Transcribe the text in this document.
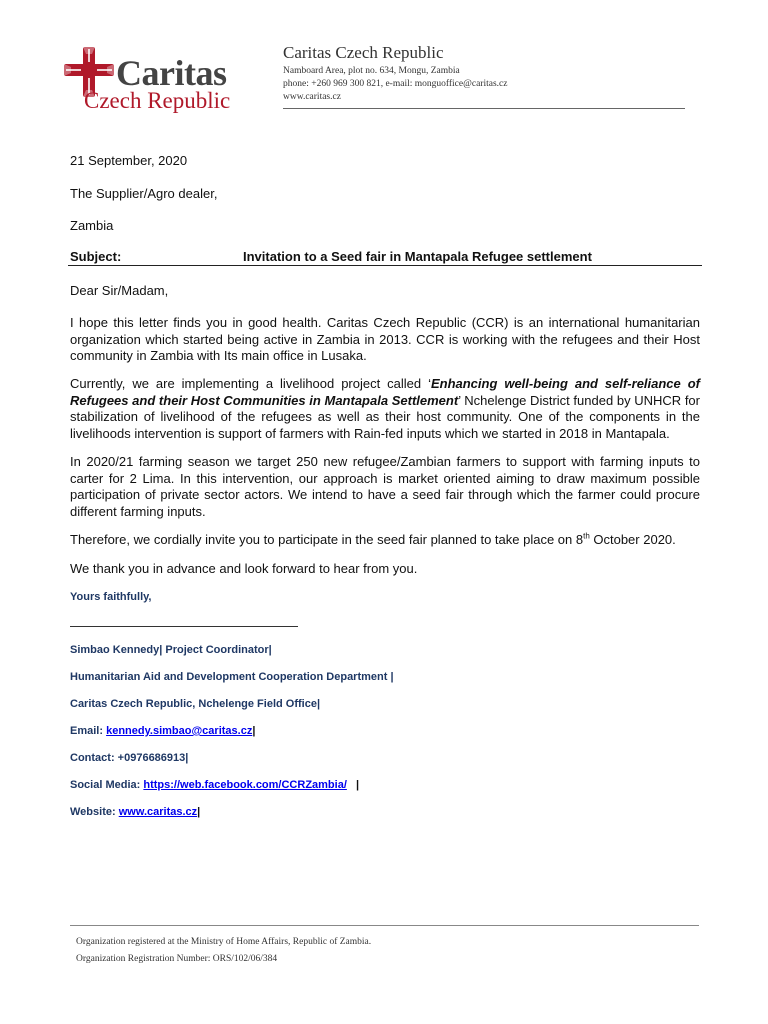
Caritas
Czech Republic
Caritas Czech Republic
Namboard Area, plot no. 634, Mongu, Zambia
phone: +260 969 300 821, e-mail: monguoffice@caritas.cz
www.caritas.cz
21 September, 2020
The Supplier/Agro dealer,
Zambia
Subject:	Invitation to a Seed fair in Mantapala Refugee settlement
Dear Sir/Madam,
I hope this letter finds you in good health. Caritas Czech Republic (CCR) is an international humanitarian organization which started being active in Zambia in 2013. CCR is working with the refugees and their Host community in Zambia with Its main office in Lusaka.
Currently, we are implementing a livelihood project called ‘Enhancing well-being and self-reliance of Refugees and their Host Communities in Mantapala Settlement’ Nchelenge District funded by UNHCR for stabilization of livelihood of the refugees as well as their host community. One of the components in the livelihoods intervention is support of farmers with Rain-fed inputs which we started in 2018 in Mantapala.
In 2020/21 farming season we target 250 new refugee/Zambian farmers to support with farming inputs to carter for 2 Lima. In this intervention, our approach is market oriented aiming to draw maximum possible participation of private sector actors. We intend to have a seed fair through which the farmer could procure different farming inputs.
Therefore, we cordially invite you to participate in the seed fair planned to take place on 8th October 2020.
We thank you in advance and look forward to hear from you.
Yours faithfully,
Simbao Kennedy| Project Coordinator|
Humanitarian Aid and Development Cooperation Department |
Caritas Czech Republic, Nchelenge Field Office|
Email: kennedy.simbao@caritas.cz|
Contact: +0976686913|
Social Media: https://web.facebook.com/CCRZambia/ |
Website: www.caritas.cz|
Organization registered at the Ministry of Home Affairs, Republic of Zambia.
Organization Registration Number: ORS/102/06/384
